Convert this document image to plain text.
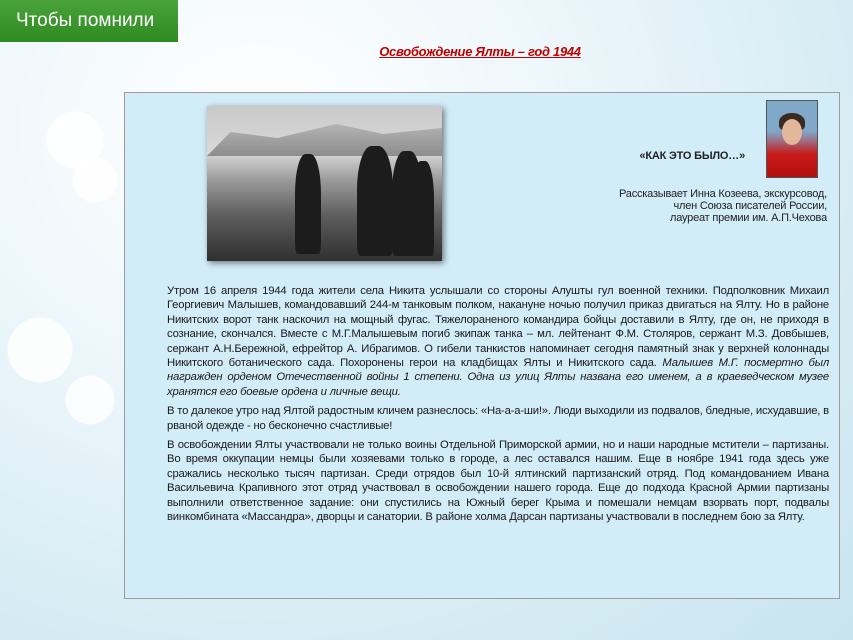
Чтобы помнили
Освобождение Ялты – год 1944
«КАК ЭТО БЫЛО…»
Рассказывает Инна Козеева, экскурсовод,
член Союза писателей России,
лауреат премии им. А.П.Чехова

Утром 16 апреля 1944 года жители села Никита услышали со стороны Алушты гул военной техники. Подполковник Михаил Георгиевич Малышев, командовавший 244-м танковым полком, накануне ночью получил приказ двигаться на Ялту. Но в районе Никитских ворот танк наскочил на мощный фугас. Тяжелораненого командира бойцы доставили в Ялту, где он, не приходя в сознание, скончался. Вместе с М.Г.Малышевым погиб экипаж танка – мл. лейтенант Ф.М. Столяров, сержант М.З. Довбышев, сержант А.Н.Бережной, ефрейтор А. Ибрагимов. О гибели танкистов напоминает сегодня памятный знак у верхней колоннады Никитского ботанического сада. Похоронены герои на кладбищах Ялты и Никитского сада. Малышев М.Г. посмертно был награжден орденом Отечественной войны 1 степени. Одна из улиц Ялты названа его именем, а в краеведческом музее хранятся его боевые ордена и личные вещи.

В то далекое утро над Ялтой радостным кличем разнеслось: «На-а-а-ши!». Люди выходили из подвалов, бледные, исхудавшие, в рваной одежде - но бесконечно счастливые!

В освобождении Ялты участвовали не только воины Отдельной Приморской армии, но и наши народные мстители – партизаны. Во время оккупации немцы были хозяевами только в городе, а лес оставался нашим. Еще в ноябре 1941 года здесь уже сражались несколько тысяч партизан. Среди отрядов был 10-й ялтинский партизанский отряд. Под командованием Ивана Васильевича Крапивного этот отряд участвовал в освобождении нашего города. Еще до подхода Красной Армии партизаны выполнили ответственное задание: они спустились на Южный берег Крыма и помешали немцам взорвать порт, подвалы винкомбината «Массандра», дворцы и санатории. В районе холма Дарсан партизаны участвовали в последнем бою за Ялту.
